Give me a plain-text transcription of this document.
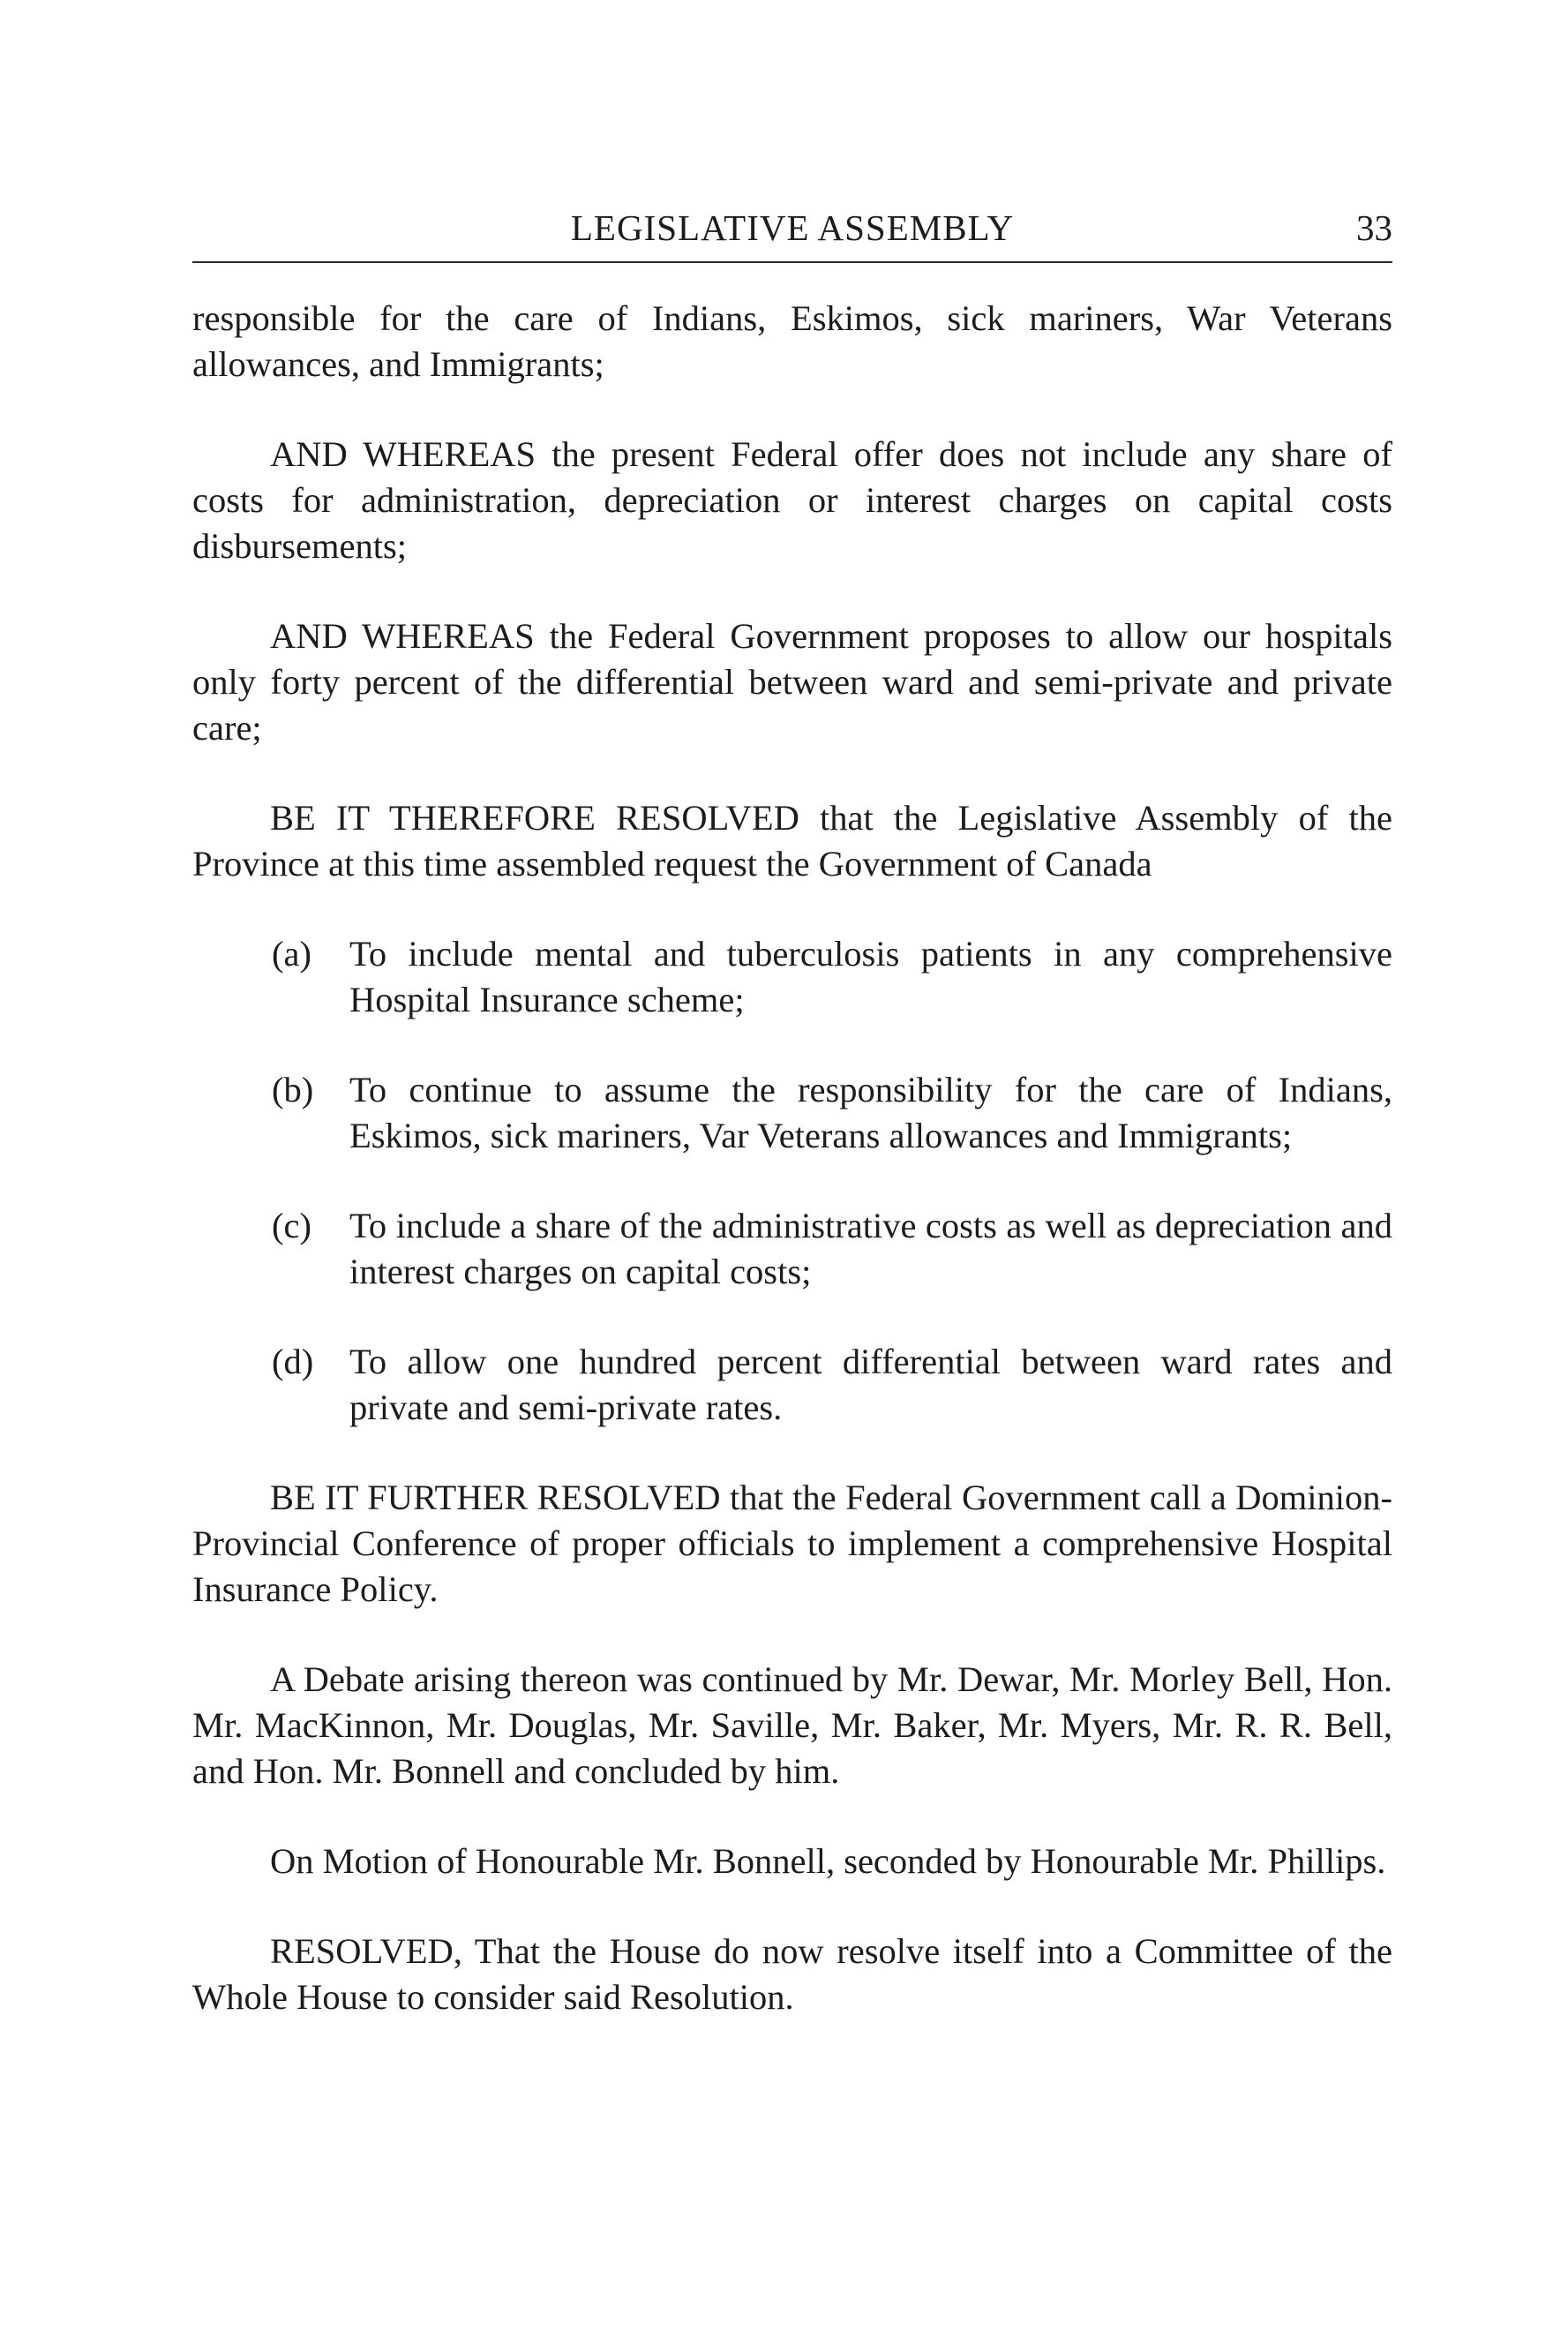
LEGISLATIVE ASSEMBLY	33

responsible for the care of Indians, Eskimos, sick mariners, War Veterans allowances, and Immigrants;

AND WHEREAS the present Federal offer does not include any share of costs for administration, depreciation or interest charges on capital costs disbursements;

AND WHEREAS the Federal Government proposes to allow our hospitals only forty percent of the differential between ward and semi-private and private care;

BE IT THEREFORE RESOLVED that the Legislative Assembly of the Province at this time assembled request the Government of Canada

(a)	To include mental and tuberculosis patients in any comprehensive Hospital Insurance scheme;
(b)	To continue to assume the responsibility for the care of Indians, Eskimos, sick mariners, Var Veterans allowances and Immigrants;
(c)	To include a share of the administrative costs as well as depreciation and interest charges on capital costs;
(d)	To allow one hundred percent differential between ward rates and private and semi-private rates.

BE IT FURTHER RESOLVED that the Federal Government call a Dominion-Provincial Conference of proper officials to implement a comprehensive Hospital Insurance Policy.

A Debate arising thereon was continued by Mr. Dewar, Mr. Morley Bell, Hon. Mr. MacKinnon, Mr. Douglas, Mr. Saville, Mr. Baker, Mr. Myers, Mr. R. R. Bell, and Hon. Mr. Bonnell and concluded by him.

On Motion of Honourable Mr. Bonnell, seconded by Honourable Mr. Phillips.

RESOLVED, That the House do now resolve itself into a Committee of the Whole House to consider said Resolution.
